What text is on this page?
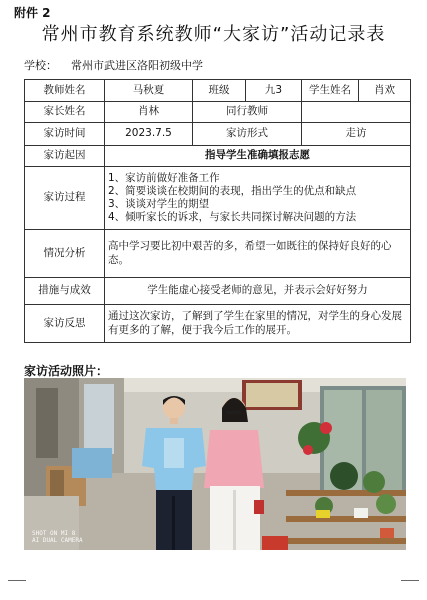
附件 2
常州市教育系统教师“大家访”活动记录表
学校： 常州市武进区洛阳初级中学
教师姓名	马秋夏	班级	九3	学生姓名	肖欢
家长姓名	肖林	同行教师			
家访时间	2023.7.5	家访形式		走访	
家访起因	指导学生准确填报志愿				
家访过程	1、家访前做好准备工作
2、简要谈谈在校期间的表现，指出学生的优点和缺点
3、谈谈对学生的期望
4、倾听家长的诉求，与家长共同探讨解决问题的方法				

情况分析	高中学习要比初中艰苦的多，希望一如既往的保持好良好的心态。				
措施与成效	学生能虚心接受老师的意见，并表示会好好努力				
家访反思	通过这次家访，了解到了学生在家里的情况，对学生的身心发展有更多的了解，便于我今后工作的展开。				
家访活动照片：
SHOT ON MI 8
AI DUAL CAMERA
